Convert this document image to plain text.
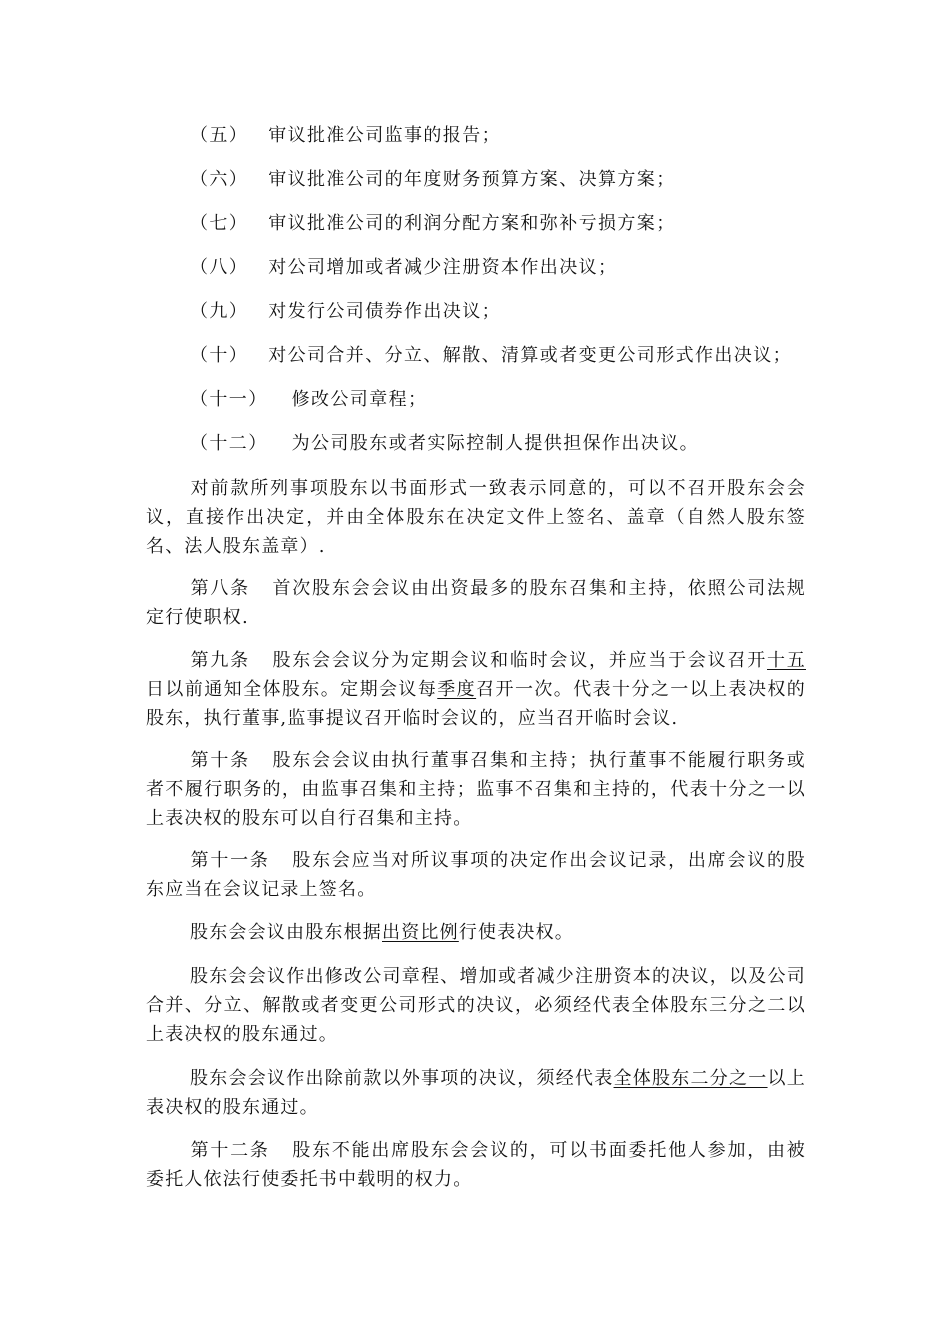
（五） 审议批准公司监事的报告；
（六） 审议批准公司的年度财务预算方案、决算方案；
（七） 审议批准公司的利润分配方案和弥补亏损方案；
（八） 对公司增加或者减少注册资本作出决议；
（九） 对发行公司债券作出决议；
（十） 对公司合并、分立、解散、清算或者变更公司形式作出决议；
（十一） 修改公司章程；
（十二） 为公司股东或者实际控制人提供担保作出决议。
对前款所列事项股东以书面形式一致表示同意的，可以不召开股东会会议，直接作出决定，并由全体股东在决定文件上签名、盖章（自然人股东签名、法人股东盖章）.
第八条 首次股东会会议由出资最多的股东召集和主持，依照公司法规定行使职权.
第九条 股东会会议分为定期会议和临时会议，并应当于会议召开十五日以前通知全体股东。定期会议每季度召开一次。代表十分之一以上表决权的股东，执行董事,监事提议召开临时会议的，应当召开临时会议.
第十条 股东会会议由执行董事召集和主持；执行董事不能履行职务或者不履行职务的，由监事召集和主持；监事不召集和主持的，代表十分之一以上表决权的股东可以自行召集和主持。
第十一条 股东会应当对所议事项的决定作出会议记录，出席会议的股东应当在会议记录上签名。
股东会会议由股东根据出资比例行使表决权。
股东会会议作出修改公司章程、增加或者减少注册资本的决议，以及公司合并、分立、解散或者变更公司形式的决议，必须经代表全体股东三分之二以上表决权的股东通过。
股东会会议作出除前款以外事项的决议，须经代表全体股东二分之一以上表决权的股东通过。
第十二条 股东不能出席股东会会议的，可以书面委托他人参加，由被委托人依法行使委托书中载明的权力。
